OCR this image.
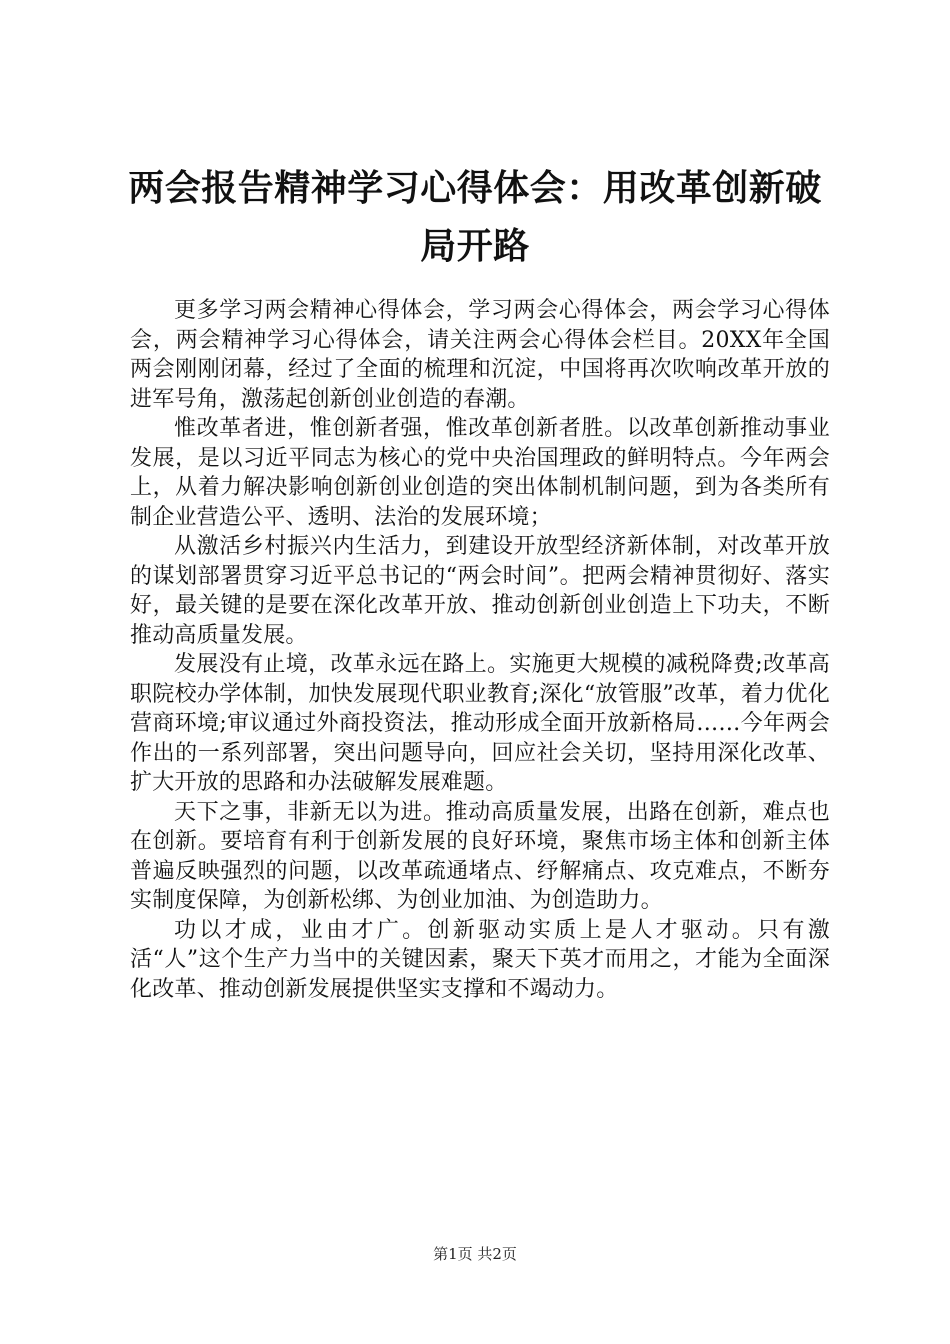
两会报告精神学习心得体会：用改革创新破局开路

更多学习两会精神心得体会，学习两会心得体会，两会学习心得体会，两会精神学习心得体会，请关注两会心得体会栏目。20XX年全国两会刚刚闭幕，经过了全面的梳理和沉淀，中国将再次吹响改革开放的进军号角，激荡起创新创业创造的春潮。

惟改革者进，惟创新者强，惟改革创新者胜。以改革创新推动事业发展，是以习近平同志为核心的党中央治国理政的鲜明特点。今年两会上，从着力解决影响创新创业创造的突出体制机制问题，到为各类所有制企业营造公平、透明、法治的发展环境；

从激活乡村振兴内生活力，到建设开放型经济新体制，对改革开放的谋划部署贯穿习近平总书记的“两会时间”。把两会精神贯彻好、落实好，最关键的是要在深化改革开放、推动创新创业创造上下功夫，不断推动高质量发展。

发展没有止境，改革永远在路上。实施更大规模的减税降费;改革高职院校办学体制，加快发展现代职业教育;深化“放管服”改革，着力优化营商环境;审议通过外商投资法，推动形成全面开放新格局……今年两会作出的一系列部署，突出问题导向，回应社会关切，坚持用深化改革、扩大开放的思路和办法破解发展难题。

天下之事，非新无以为进。推动高质量发展，出路在创新，难点也在创新。要培育有利于创新发展的良好环境，聚焦市场主体和创新主体普遍反映强烈的问题，以改革疏通堵点、纾解痛点、攻克难点，不断夯实制度保障，为创新松绑、为创业加油、为创造助力。

功以才成，业由才广。创新驱动实质上是人才驱动。只有激活“人”这个生产力当中的关键因素，聚天下英才而用之，才能为全面深化改革、推动创新发展提供坚实支撑和不竭动力。

第1页 共2页
